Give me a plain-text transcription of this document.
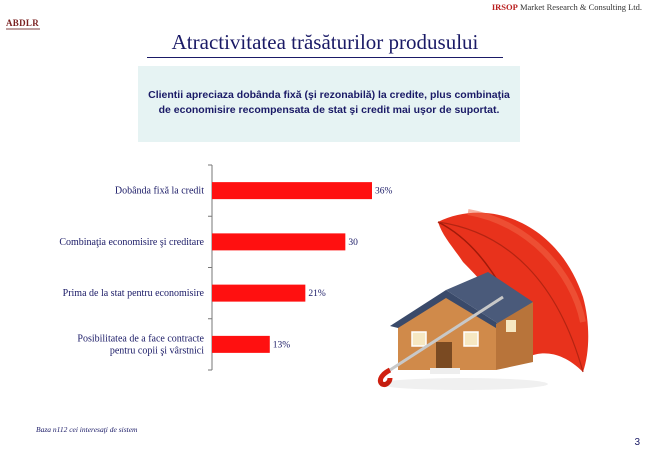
ABDLR
IRSOP Market Research & Consulting Ltd.
Atractivitatea trăsăturilor produsului
Clientii apreciaza dobânda fixă (şi rezonabilă) la credite, plus combinaţia
de economisire recompensata de stat şi credit mai uşor de suportat.
36%
Dobânda fixă la credit
30
Combinaţia economisire şi creditare
21%
Prima de la stat pentru economisire
13%
Posibilitatea de a face contracte pentru copii şi vârstnici
Baza n112 cei interesaţi de sistem
3
